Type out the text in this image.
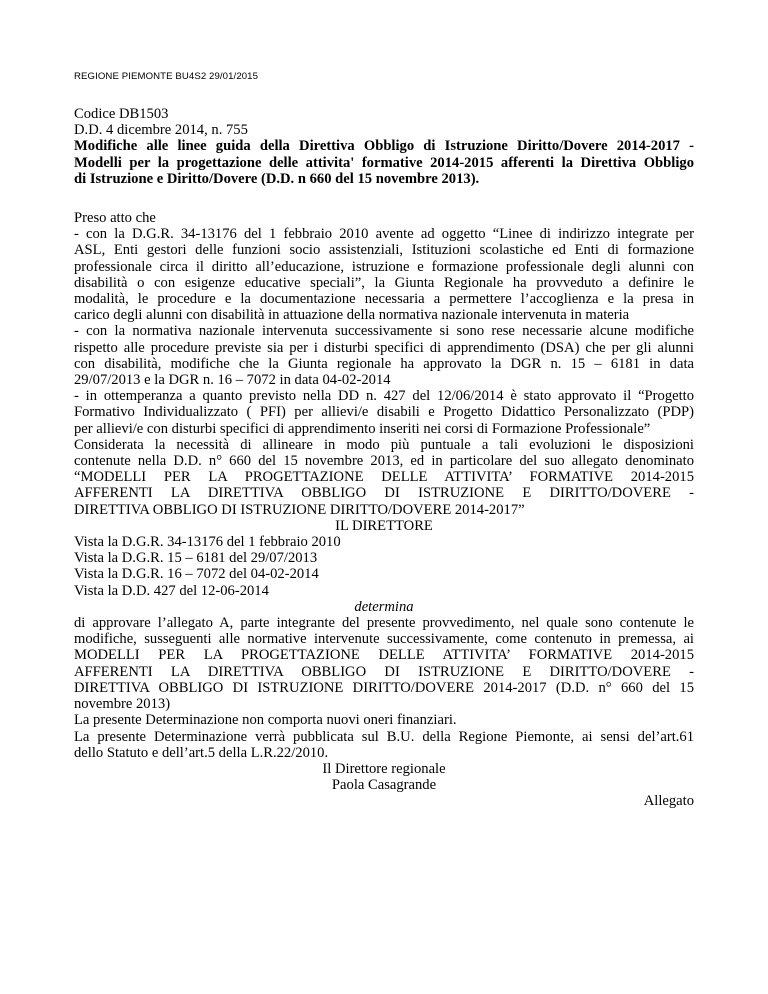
REGIONE PIEMONTE BU4S2 29/01/2015
Codice DB1503
D.D. 4 dicembre 2014, n. 755
Modifiche alle linee guida della Direttiva Obbligo di Istruzione Diritto/Dovere 2014-2017 -
Modelli per la progettazione delle attivita' formative 2014-2015 afferenti la Direttiva Obbligo
di Istruzione e Diritto/Dovere (D.D. n 660 del 15 novembre 2013).
Preso atto che
- con la D.G.R. 34-13176 del 1 febbraio 2010 avente ad oggetto “Linee di indirizzo integrate per
ASL, Enti gestori delle funzioni socio assistenziali, Istituzioni scolastiche ed Enti di formazione
professionale circa il diritto all’educazione, istruzione e formazione professionale degli alunni con
disabilità o con esigenze educative speciali”, la Giunta Regionale ha provveduto a definire le
modalità, le procedure e la documentazione necessaria a permettere l’accoglienza e la presa in
carico degli alunni con disabilità in attuazione della normativa nazionale intervenuta in materia
- con la normativa nazionale intervenuta successivamente si sono rese necessarie alcune modifiche
rispetto alle procedure previste sia per i disturbi specifici di apprendimento (DSA) che per gli alunni
con disabilità, modifiche che la Giunta regionale ha approvato la DGR n. 15 – 6181 in data
29/07/2013 e la DGR n. 16 – 7072 in data 04-02-2014
- in ottemperanza a quanto previsto nella DD n. 427 del 12/06/2014 è stato approvato il “Progetto
Formativo Individualizzato ( PFI) per allievi/e disabili e Progetto Didattico Personalizzato (PDP)
per allievi/e con disturbi specifici di apprendimento inseriti nei corsi di Formazione Professionale”
Considerata la necessità di allineare in modo più puntuale a tali evoluzioni le disposizioni
contenute nella D.D. n° 660 del 15 novembre 2013, ed in particolare del suo allegato denominato
“MODELLI PER LA PROGETTAZIONE DELLE ATTIVITA’ FORMATIVE 2014-2015
AFFERENTI LA DIRETTIVA OBBLIGO DI ISTRUZIONE E DIRITTO/DOVERE -
DIRETTIVA OBBLIGO DI ISTRUZIONE DIRITTO/DOVERE 2014-2017”
IL DIRETTORE
Vista la D.G.R. 34-13176 del 1 febbraio 2010
Vista la D.G.R. 15 – 6181 del 29/07/2013
Vista la D.G.R. 16 – 7072 del 04-02-2014
Vista la D.D. 427 del 12-06-2014
determina
di approvare l’allegato A, parte integrante del presente provvedimento, nel quale sono contenute le
modifiche, susseguenti alle normative intervenute successivamente, come contenuto in premessa, ai
MODELLI PER LA PROGETTAZIONE DELLE ATTIVITA’ FORMATIVE 2014-2015
AFFERENTI LA DIRETTIVA OBBLIGO DI ISTRUZIONE E DIRITTO/DOVERE -
DIRETTIVA OBBLIGO DI ISTRUZIONE DIRITTO/DOVERE 2014-2017 (D.D. n° 660 del 15
novembre 2013)
La presente Determinazione non comporta nuovi oneri finanziari.
La presente Determinazione verrà pubblicata sul B.U. della Regione Piemonte, ai sensi del’art.61
dello Statuto e dell’art.5 della L.R.22/2010.
Il Direttore regionale
Paola Casagrande
Allegato
